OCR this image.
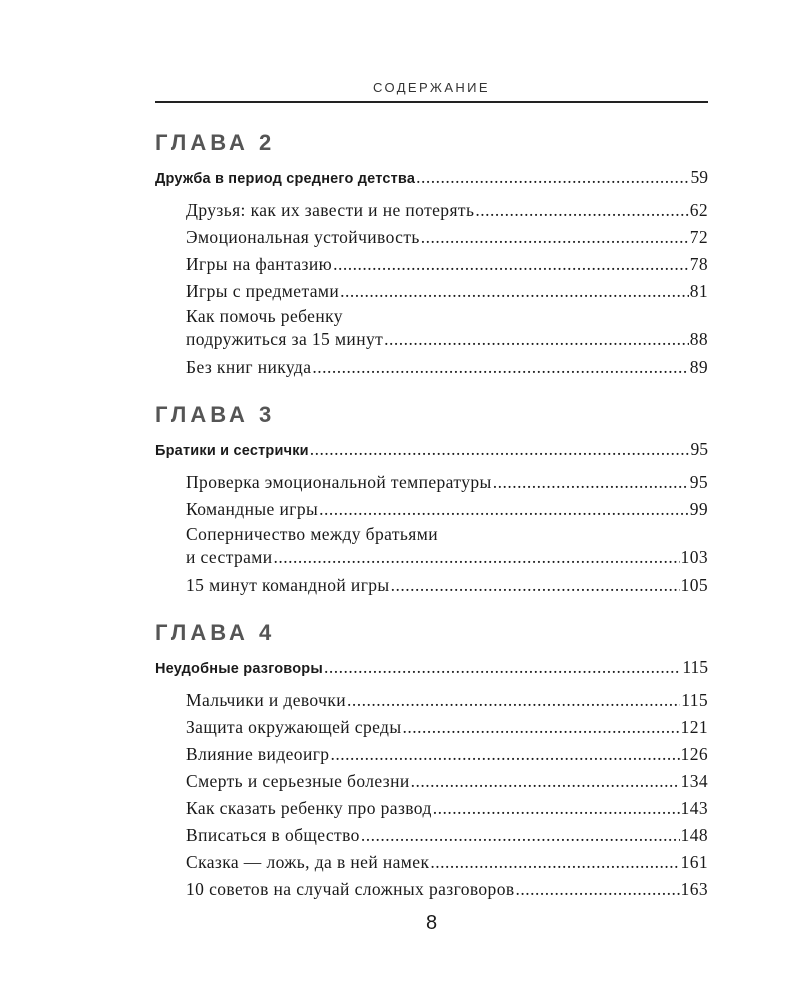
СОДЕРЖАНИЕ
ГЛАВА 2
Дружба в период среднего детства .....	59
Друзья: как их завести и не потерять .....	62
Эмоциональная устойчивость .....	72
Игры на фантазию .....	78
Игры с предметами .....	81
Как помочь ребенку
подружиться за 15 минут .....	88
Без книг никуда .....	89
ГЛАВА 3
Братики и сестрички .....	95
Проверка эмоциональной температуры .....	95
Командные игры .....	99
Соперничество между братьями
и сестрами .....	103
15 минут командной игры .....	105
ГЛАВА 4
Неудобные разговоры .....	115
Мальчики и девочки .....	115
Защита окружающей среды .....	121
Влияние видеоигр .....	126
Смерть и серьезные болезни .....	134
Как сказать ребенку про развод .....	143
Вписаться в общество .....	148
Сказка — ложь, да в ней намек .....	161
10 советов на случай сложных разговоров .....	163
8
